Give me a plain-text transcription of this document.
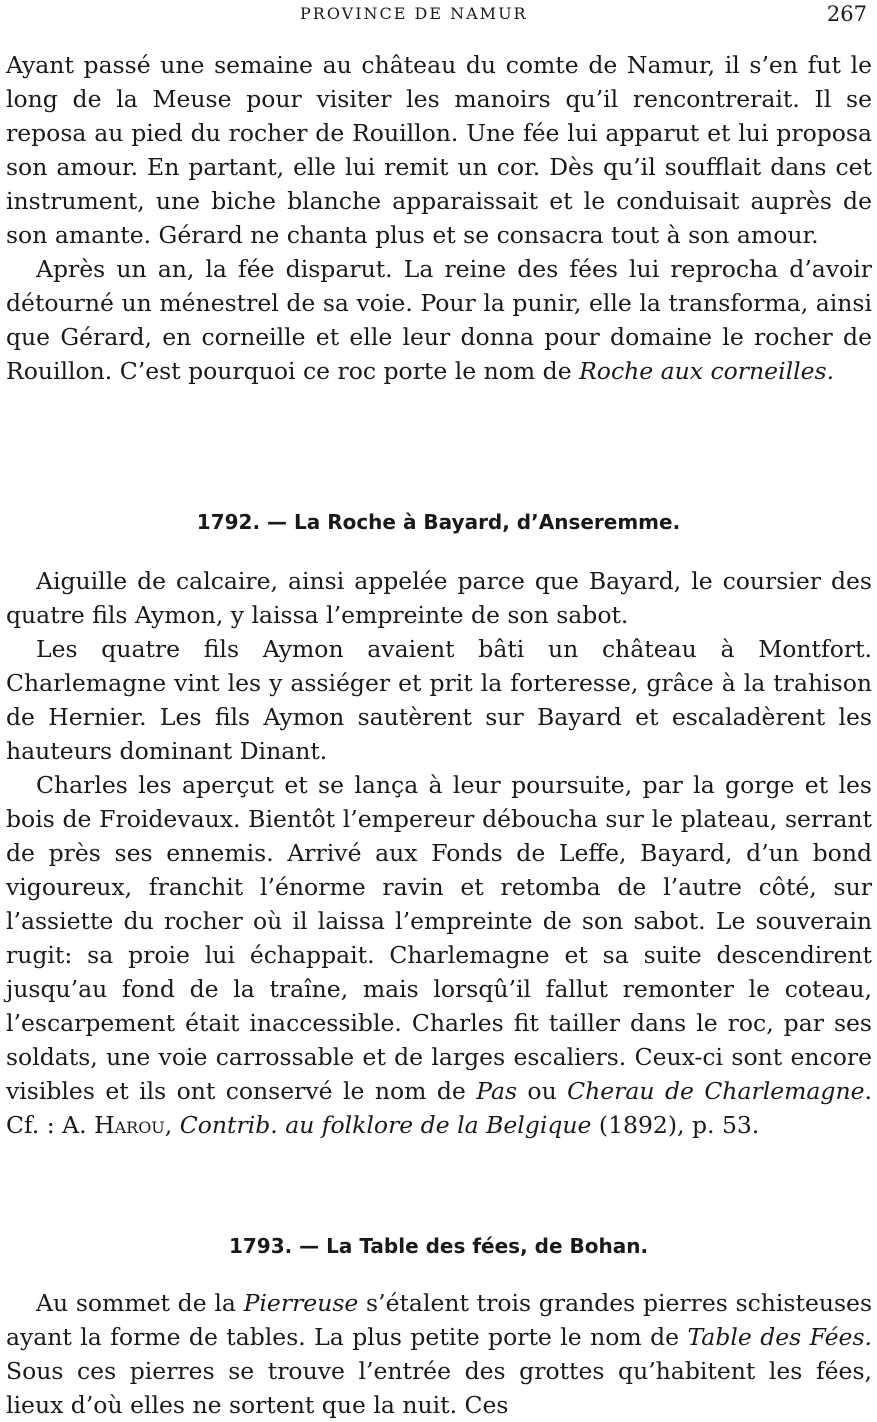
PROVINCE DE NAMUR	267

Ayant passé une semaine au château du comte de Namur, il s’en fut le long de la Meuse pour visiter les manoirs qu’il rencontrerait. Il se reposa au pied du rocher de Rouillon. Une fée lui apparut et lui proposa son amour. En partant, elle lui remit un cor. Dès qu’il soufflait dans cet instrument, une biche blanche apparaissait et le conduisait auprès de son amante. Gérard ne chanta plus et se consacra tout à son amour.

Après un an, la fée disparut. La reine des fées lui reprocha d’avoir détourné un ménestrel de sa voie. Pour la punir, elle la transforma, ainsi que Gérard, en corneille et elle leur donna pour domaine le rocher de Rouillon. C’est pourquoi ce roc porte le nom de Roche aux corneilles.

1792. — La Roche à Bayard, d’Anseremme.

Aiguille de calcaire, ainsi appelée parce que Bayard, le coursier des quatre fils Aymon, y laissa l’empreinte de son sabot.

Les quatre fils Aymon avaient bâti un château à Montfort. Charlemagne vint les y assiéger et prit la forteresse, grâce à la trahison de Hernier. Les fils Aymon sautèrent sur Bayard et escaladèrent les hauteurs dominant Dinant.

Charles les aperçut et se lança à leur poursuite, par la gorge et les bois de Froidevaux. Bientôt l’empereur déboucha sur le plateau, serrant de près ses ennemis. Arrivé aux Fonds de Leffe, Bayard, d’un bond vigoureux, franchit l’énorme ravin et retomba de l’autre côté, sur l’assiette du rocher où il laissa l’empreinte de son sabot. Le souverain rugit: sa proie lui échappait. Charlemagne et sa suite descendirent jusqu’au fond de la traîne, mais lorsqû’il fallut remonter le coteau, l’escarpement était inaccessible. Charles fit tailler dans le roc, par ses soldats, une voie carrossable et de larges escaliers. Ceux-ci sont encore visibles et ils ont conservé le nom de Pas ou Cherau de Charlemagne. Cf. : A. Harou, Contrib. au folklore de la Belgique (1892), p. 53.

1793. — La Table des fées, de Bohan.

Au sommet de la Pierreuse s’étalent trois grandes pierres schisteuses ayant la forme de tables. La plus petite porte le nom de Table des Fées. Sous ces pierres se trouve l’entrée des grottes qu’habitent les fées, lieux d’où elles ne sortent que la nuit. Ces
